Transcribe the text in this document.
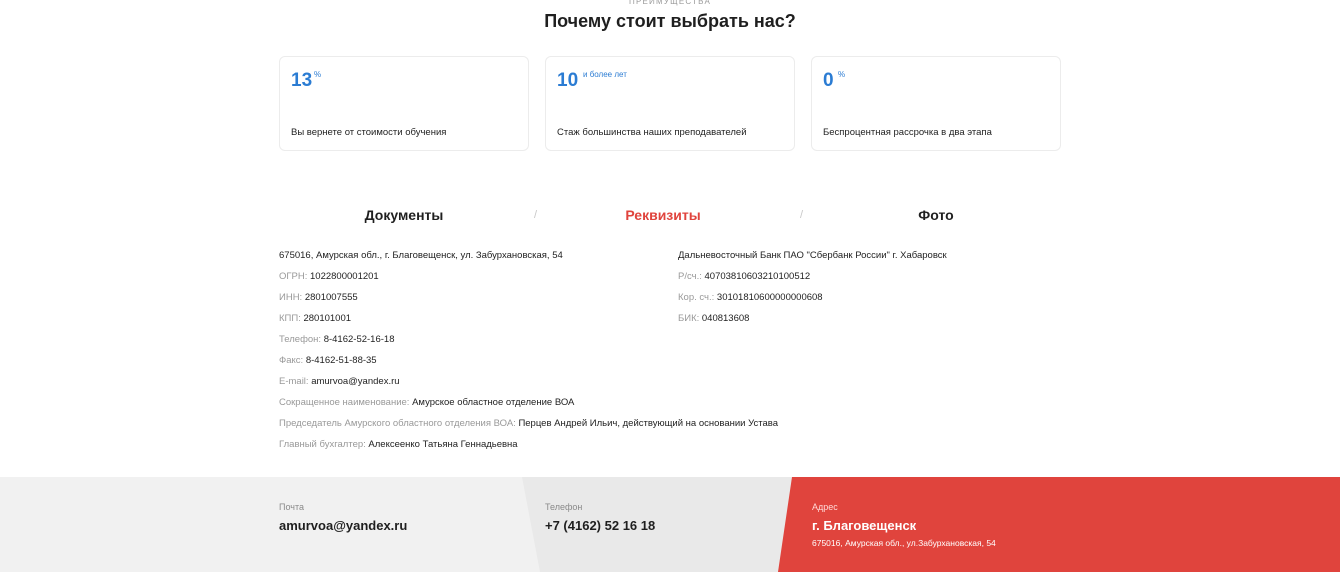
ПРЕИМУЩЕСТВА
Почему стоит выбрать нас?
13 %
Вы вернете от стоимости обучения
10 и более лет
Стаж большинства наших преподавателей
0 %
Беспроцентная рассрочка в два этапа
Документы	/	Реквизиты	/	Фото
675016, Амурская обл., г. Благовещенск, ул. Забурхановская, 54
ОГРН: 1022800001201
ИНН: 2801007555
КПП: 280101001
Телефон: 8-4162-52-16-18
Факс: 8-4162-51-88-35
E-mail: amurvoa@yandex.ru
Сокращенное наименование: Амурское областное отделение ВОА
Председатель Амурского областного отделения ВОА: Перцев Андрей Ильич, действующий на основании Устава
Главный бухгалтер: Алексеенко Татьяна Геннадьевна
Дальневосточный Банк ПАО "Сбербанк России" г. Хабаровск
Р/сч.: 40703810603210100512
Кор. сч.: 30101810600000000608
БИК: 040813608
Почта
amurvoa@yandex.ru
Телефон
+7 (4162) 52 16 18
Адрес
г. Благовещенск
675016, Амурская обл., ул.Забурхановская, 54
